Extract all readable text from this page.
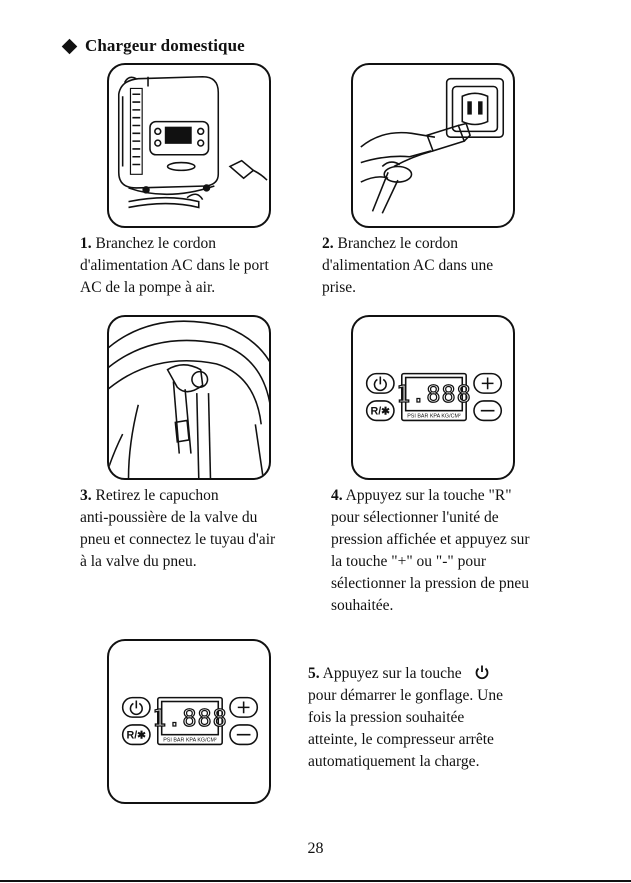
Chargeur domestique
1. Branchez le cordon
d'alimentation AC dans le port
AC de la pompe à air.
2. Branchez le cordon
d'alimentation AC dans une
prise.
R/✱
1.888
PSI BAR KPA KG/CM²
3. Retirez le capuchon
anti-poussière de la valve du
pneu et connectez le tuyau d'air
à la valve du pneu.
4. Appuyez sur la touche "R"
pour sélectionner l'unité de
pression affichée et appuyez sur
la touche "+" ou "-" pour
sélectionner la pression de pneu
souhaitée.
R/✱
1.888
PSI BAR KPA KG/CM²
5. Appuyez sur la touche
pour démarrer le gonflage. Une
fois la pression souhaitée
atteinte, le compresseur arrête
automatiquement la charge.
28
